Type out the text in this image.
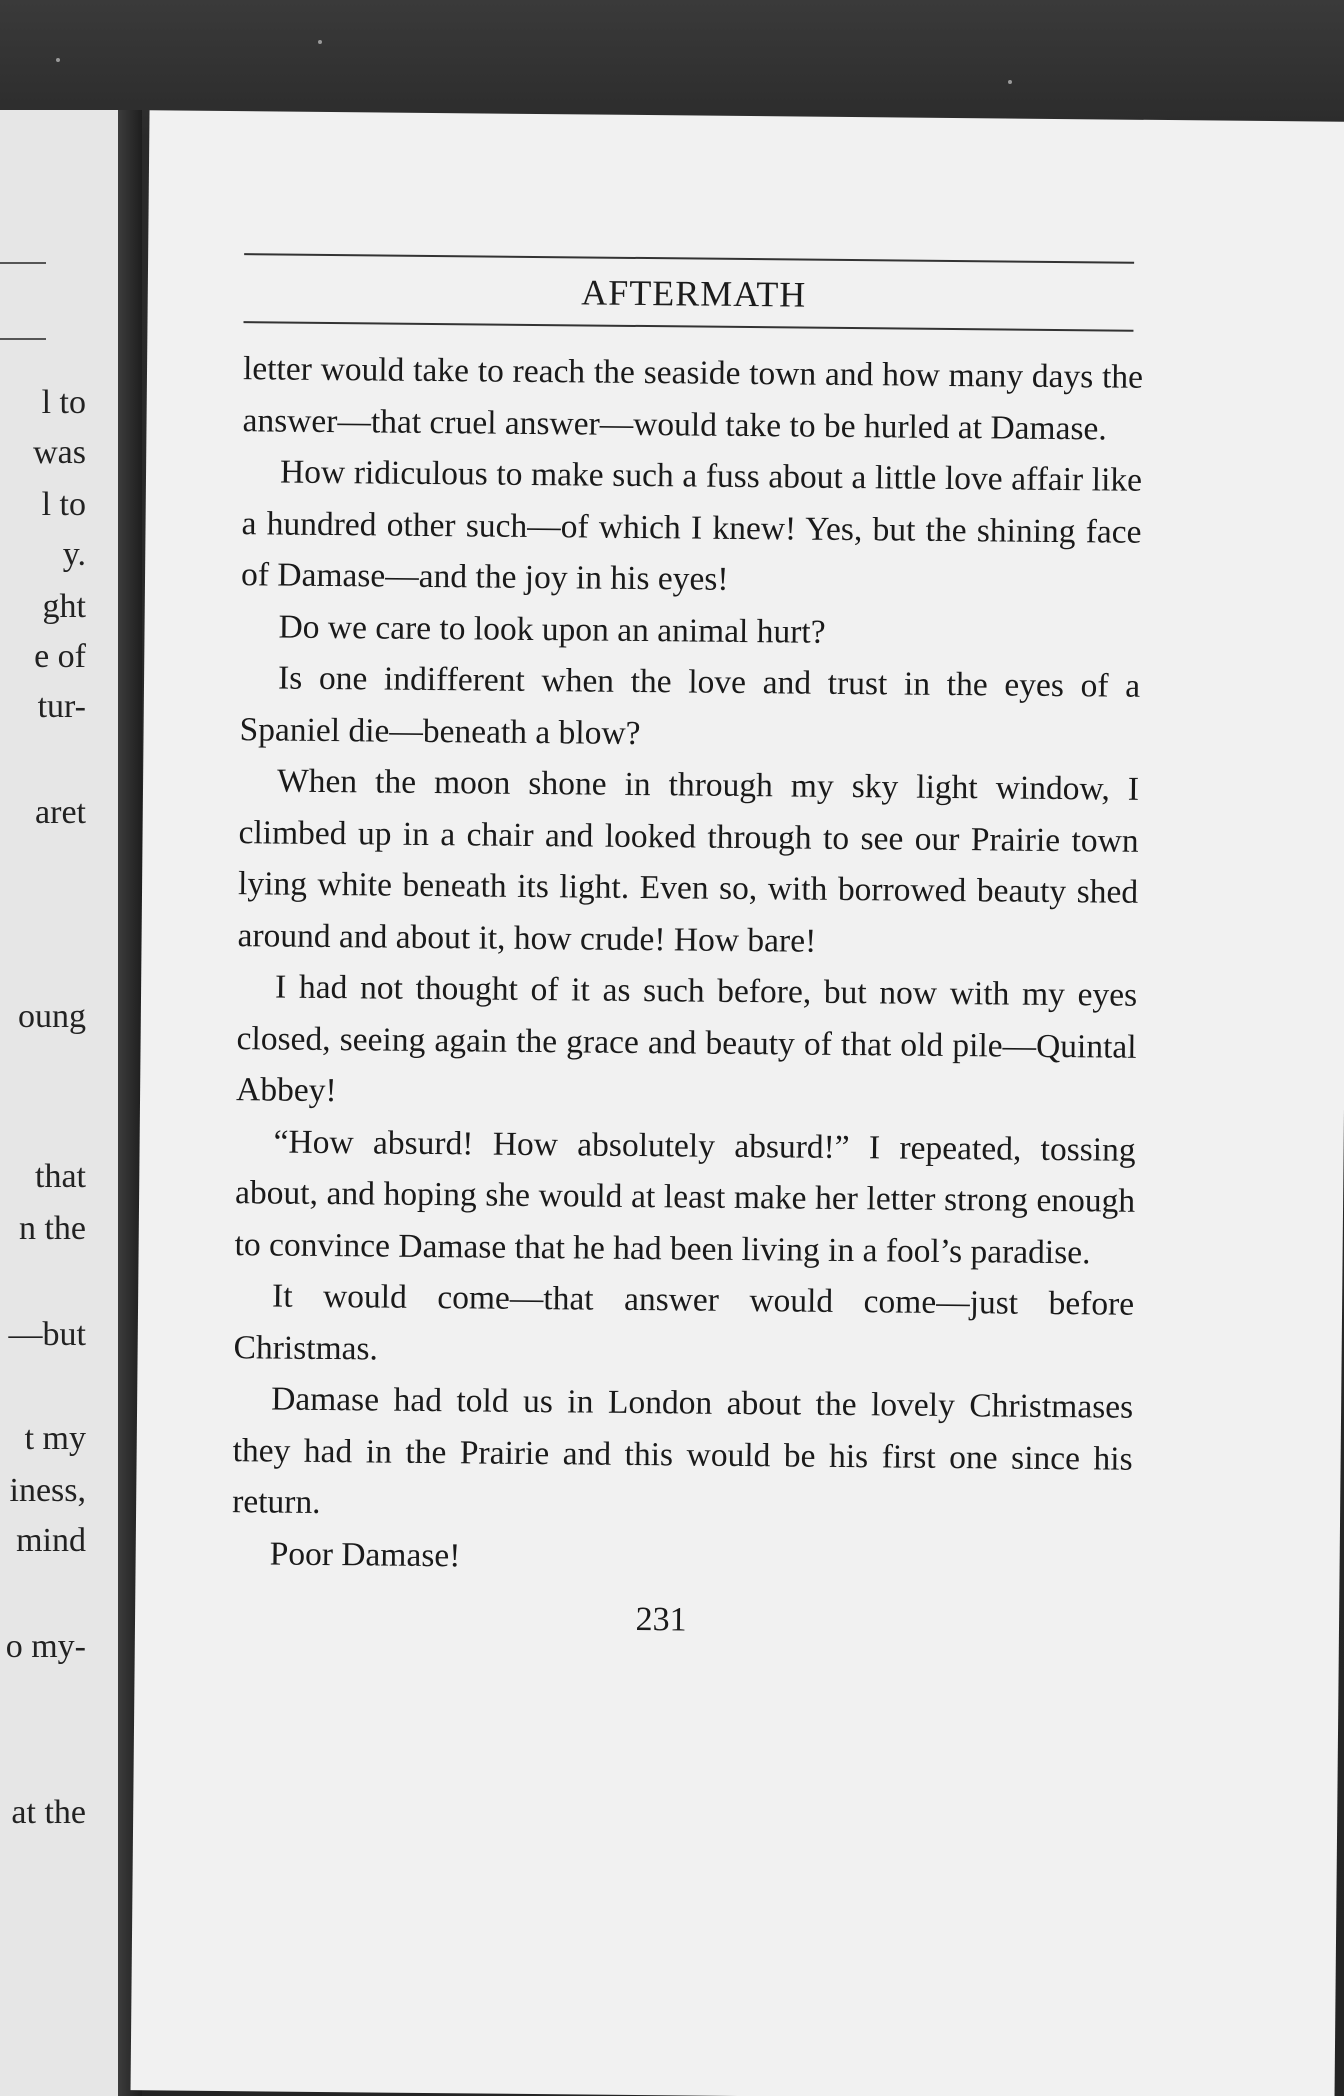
l to
was
l to
y.
ght
e of
tur-
aret
oung
that
n the
—but
t my
iness,
mind
o my-
at the
AFTERMATH

letter would take to reach the seaside town and how many days the answer—that cruel answer—would take to be hurled at Damase.

How ridiculous to make such a fuss about a little love affair like a hundred other such—of which I knew! Yes, but the shining face of Damase—and the joy in his eyes!

Do we care to look upon an animal hurt?

Is one indifferent when the love and trust in the eyes of a Spaniel die—beneath a blow?

When the moon shone in through my sky light window, I climbed up in a chair and looked through to see our Prairie town lying white beneath its light. Even so, with borrowed beauty shed around and about it, how crude! How bare!

I had not thought of it as such before, but now with my eyes closed, seeing again the grace and beauty of that old pile—Quintal Abbey!

“How absurd! How absolutely absurd!” I repeated, tossing about, and hoping she would at least make her letter strong enough to convince Damase that he had been living in a fool’s paradise.

It would come—that answer would come—just before Christmas.

Damase had told us in London about the lovely Christmases they had in the Prairie and this would be his first one since his return.

Poor Damase!

231
